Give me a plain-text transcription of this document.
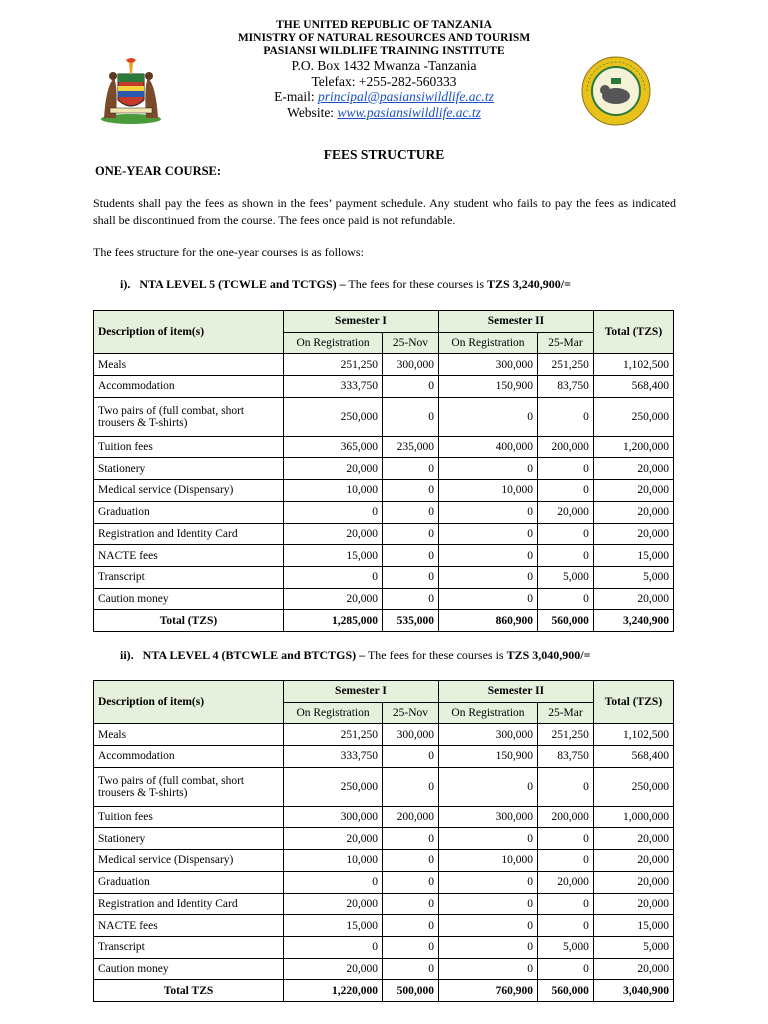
THE UNITED REPUBLIC OF TANZANIA
MINISTRY OF NATURAL RESOURCES AND TOURISM
PASIANSI WILDLIFE TRAINING INSTITUTE
P.O. Box 1432 Mwanza -Tanzania
Telefax: +255-282-560333
E-mail: principal@pasiansiwildlife.ac.tz
Website: www.pasiansiwildlife.ac.tz
FEES STRUCTURE
ONE-YEAR COURSE:
Students shall pay the fees as shown in the fees’ payment schedule. Any student who fails to pay the fees as indicated shall be discontinued from the course. The fees once paid is not refundable.
The fees structure for the one-year courses is as follows:
i). NTA LEVEL 5 (TCWLE and TCTGS) – The fees for these courses is TZS 3,240,900/=
Description of item(s)	Semester I		Semester II		Total (TZS)
	On Registration	25-Nov	On Registration	25-Mar	
Meals	251,250	300,000	300,000	251,250	1,102,500
Accommodation	333,750	0	150,900	83,750	568,400
Two pairs of (full combat, short trousers & T-shirts)	250,000	0	0	0	250,000
Tuition fees	365,000	235,000	400,000	200,000	1,200,000
Stationery	20,000	0	0	0	20,000
Medical service (Dispensary)	10,000	0	10,000	0	20,000
Graduation	0	0	0	20,000	20,000
Registration and Identity Card	20,000	0	0	0	20,000
NACTE fees	15,000	0	0	0	15,000
Transcript	0	0	0	5,000	5,000
Caution money	20,000	0	0	0	20,000
Total (TZS)	1,285,000	535,000	860,900	560,000	3,240,900
ii). NTA LEVEL 4 (BTCWLE and BTCTGS) – The fees for these courses is TZS 3,040,900/=
Description of item(s)	Semester I		Semester II		Total (TZS)
	On Registration	25-Nov	On Registration	25-Mar	
Meals	251,250	300,000	300,000	251,250	1,102,500
Accommodation	333,750	0	150,900	83,750	568,400
Two pairs of (full combat, short trousers & T-shirts)	250,000	0	0	0	250,000
Tuition fees	300,000	200,000	300,000	200,000	1,000,000
Stationery	20,000	0	0	0	20,000
Medical service (Dispensary)	10,000	0	10,000	0	20,000
Graduation	0	0	0	20,000	20,000
Registration and Identity Card	20,000	0	0	0	20,000
NACTE fees	15,000	0	0	0	15,000
Transcript	0	0	0	5,000	5,000
Caution money	20,000	0	0	0	20,000
Total TZS	1,220,000	500,000	760,900	560,000	3,040,900
